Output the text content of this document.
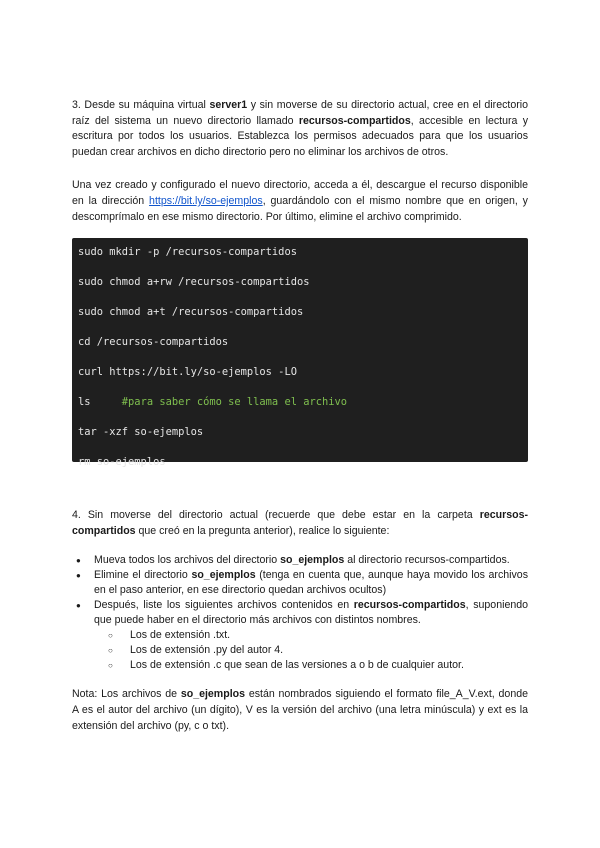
3. Desde su máquina virtual server1 y sin moverse de su directorio actual, cree en el directorio raíz del sistema un nuevo directorio llamado recursos-compartidos, accesible en lectura y escritura por todos los usuarios. Establezca los permisos adecuados para que los usuarios puedan crear archivos en dicho directorio pero no eliminar los archivos de otros.

Una vez creado y configurado el nuevo directorio, acceda a él, descargue el recurso disponible en la dirección https://bit.ly/so-ejemplos, guardándolo con el mismo nombre que en origen, y descomprímalo en ese mismo directorio. Por último, elimine el archivo comprimido.

sudo mkdir -p /recursos-compartidos
sudo chmod a+rw /recursos-compartidos
sudo chmod a+t /recursos-compartidos
cd /recursos-compartidos
curl https://bit.ly/so-ejemplos -LO
ls     #para saber cómo se llama el archivo
tar -xzf so-ejemplos
rm so-ejemplos

4. Sin moverse del directorio actual (recuerde que debe estar en la carpeta recursos-compartidos que creó en la pregunta anterior), realice lo siguiente:

● Mueva todos los archivos del directorio so_ejemplos al directorio recursos-compartidos.
● Elimine el directorio so_ejemplos (tenga en cuenta que, aunque haya movido los archivos en el paso anterior, en ese directorio quedan archivos ocultos)
● Después, liste los siguientes archivos contenidos en recursos-compartidos, suponiendo que puede haber en el directorio más archivos con distintos nombres.
○ Los de extensión .txt.
○ Los de extensión .py del autor 4.
○ Los de extensión .c que sean de las versiones a o b de cualquier autor.

Nota: Los archivos de so_ejemplos están nombrados siguiendo el formato file_A_V.ext, donde A es el autor del archivo (un dígito), V es la versión del archivo (una letra minúscula) y ext es la extensión del archivo (py, c o txt).
